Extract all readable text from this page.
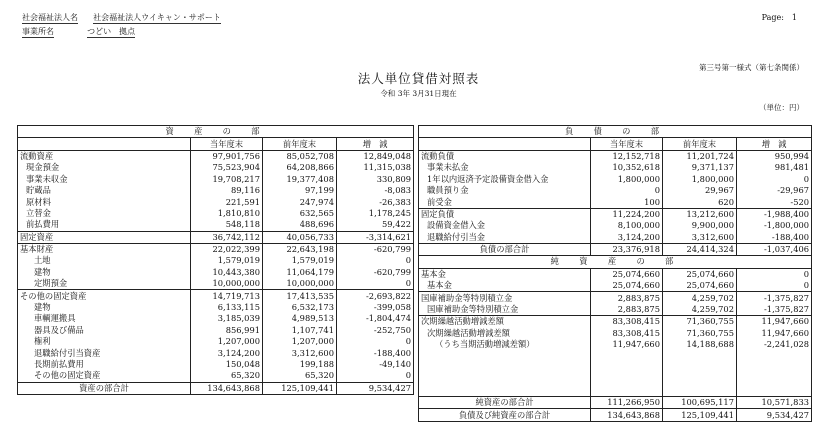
社会福祉法人名 社会福祉法人ウイキャン・サポート
事業所名	つどい　拠点
Page:　1
第三号第一様式（第七条関係）
法人単位貸借対照表
令和 3年 3月31日現在
（単位：円）
資　産　の　部			
	当年度末	前年度末	増　減
流動資産	97,901,756	85,052,708	12,849,048
現金預金	75,523,904	64,208,866	11,315,038
事業未収金	19,708,217	19,377,408	330,809
貯蔵品	89,116	97,199	-8,083
原材料	221,591	247,974	-26,383
立替金	1,810,810	632,565	1,178,245
前払費用	548,118	488,696	59,422
固定資産	36,742,112	40,056,733	-3,314,621
基本財産	22,022,399	22,643,198	-620,799
土地	1,579,019	1,579,019	0
建物	10,443,380	11,064,179	-620,799
定期預金	10,000,000	10,000,000	0
その他の固定資産	14,719,713	17,413,535	-2,693,822
建物	6,133,115	6,532,173	-399,058
車輌運搬具	3,185,039	4,989,513	-1,804,474
器具及び備品	856,991	1,107,741	-252,750
権利	1,207,000	1,207,000	0
退職給付引当資産	3,124,200	3,312,600	-188,400
長期前払費用	150,048	199,188	-49,140
その他の固定資産	65,320	65,320	0
資産の部合計	134,643,868	125,109,441	9,534,427
負　債　の　部			
	当年度末	前年度末	増　減
流動負債	12,152,718	11,201,724	950,994
事業未払金	10,352,618	9,371,137	981,481
1年以内返済予定設備資金借入金	1,800,000	1,800,000	0
職員預り金	0	29,967	-29,967
前受金	100	620	-520
固定負債	11,224,200	13,212,600	-1,988,400
設備資金借入金	8,100,000	9,900,000	-1,800,000
退職給付引当金	3,124,200	3,312,600	-188,400
負債の部合計	23,376,918	24,414,324	-1,037,406
純　資　産　の　部			
基本金	25,074,660	25,074,660	0
基本金	25,074,660	25,074,660	0
国庫補助金等特別積立金	2,883,875	4,259,702	-1,375,827
国庫補助金等特別積立金	2,883,875	4,259,702	-1,375,827
次期繰越活動増減差額	83,308,415	71,360,755	11,947,660
次期繰越活動増減差額	83,308,415	71,360,755	11,947,660
（うち当期活動増減差額）	11,947,660	14,188,688	-2,241,028

純資産の部合計	111,266,950	100,695,117	10,571,833
負債及び純資産の部合計	134,643,868	125,109,441	9,534,427
